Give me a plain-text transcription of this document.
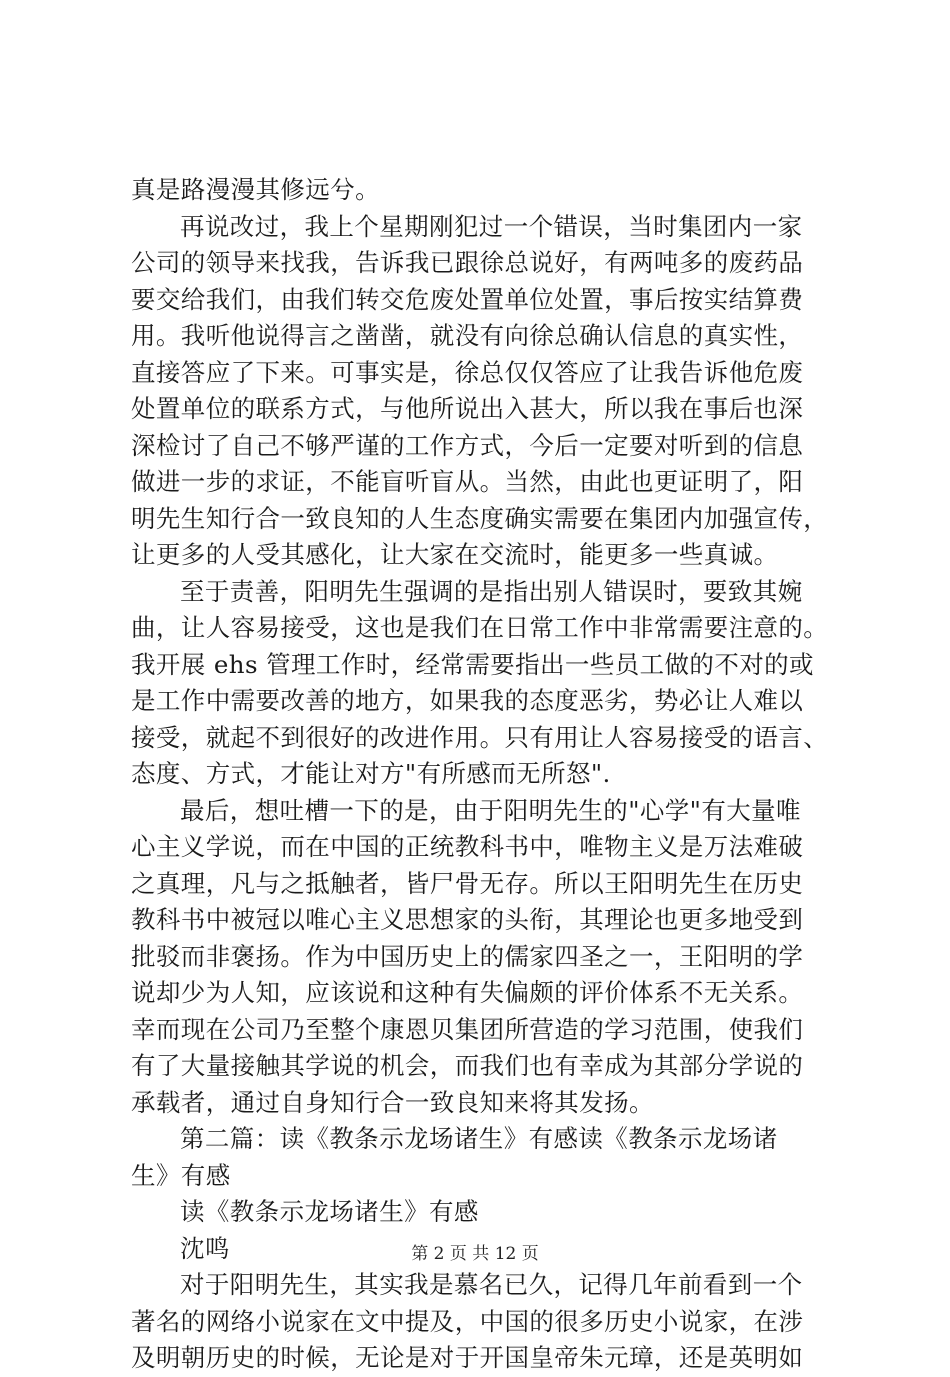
真是路漫漫其修远兮。
再说改过，我上个星期刚犯过一个错误，当时集团内一家
公司的领导来找我，告诉我已跟徐总说好，有两吨多的废药品
要交给我们，由我们转交危废处置单位处置，事后按实结算费
用。我听他说得言之凿凿，就没有向徐总确认信息的真实性，
直接答应了下来。可事实是，徐总仅仅答应了让我告诉他危废
处置单位的联系方式，与他所说出入甚大，所以我在事后也深
深检讨了自己不够严谨的工作方式，今后一定要对听到的信息
做进一步的求证，不能盲听盲从。当然，由此也更证明了，阳
明先生知行合一致良知的人生态度确实需要在集团内加强宣传，
让更多的人受其感化，让大家在交流时，能更多一些真诚。
至于责善，阳明先生强调的是指出别人错误时，要致其婉
曲，让人容易接受，这也是我们在日常工作中非常需要注意的。
我开展 ehs 管理工作时，经常需要指出一些员工做的不对的或
是工作中需要改善的地方，如果我的态度恶劣，势必让人难以
接受，就起不到很好的改进作用。只有用让人容易接受的语言、
态度、方式，才能让对方"有所感而无所怒".
最后，想吐槽一下的是，由于阳明先生的"心学"有大量唯
心主义学说，而在中国的正统教科书中，唯物主义是万法难破
之真理，凡与之抵触者，皆尸骨无存。所以王阳明先生在历史
教科书中被冠以唯心主义思想家的头衔，其理论也更多地受到
批驳而非褒扬。作为中国历史上的儒家四圣之一，王阳明的学
说却少为人知，应该说和这种有失偏颇的评价体系不无关系。
幸而现在公司乃至整个康恩贝集团所营造的学习范围，使我们
有了大量接触其学说的机会，而我们也有幸成为其部分学说的
承载者，通过自身知行合一致良知来将其发扬。
第二篇：读《教条示龙场诸生》有感读《教条示龙场诸
生》有感
读《教条示龙场诸生》有感
沈鸣
对于阳明先生，其实我是慕名已久，记得几年前看到一个
著名的网络小说家在文中提及，中国的很多历史小说家，在涉
及明朝历史的时候，无论是对于开国皇帝朱元璋，还是英明如
第 2 页 共 12 页
